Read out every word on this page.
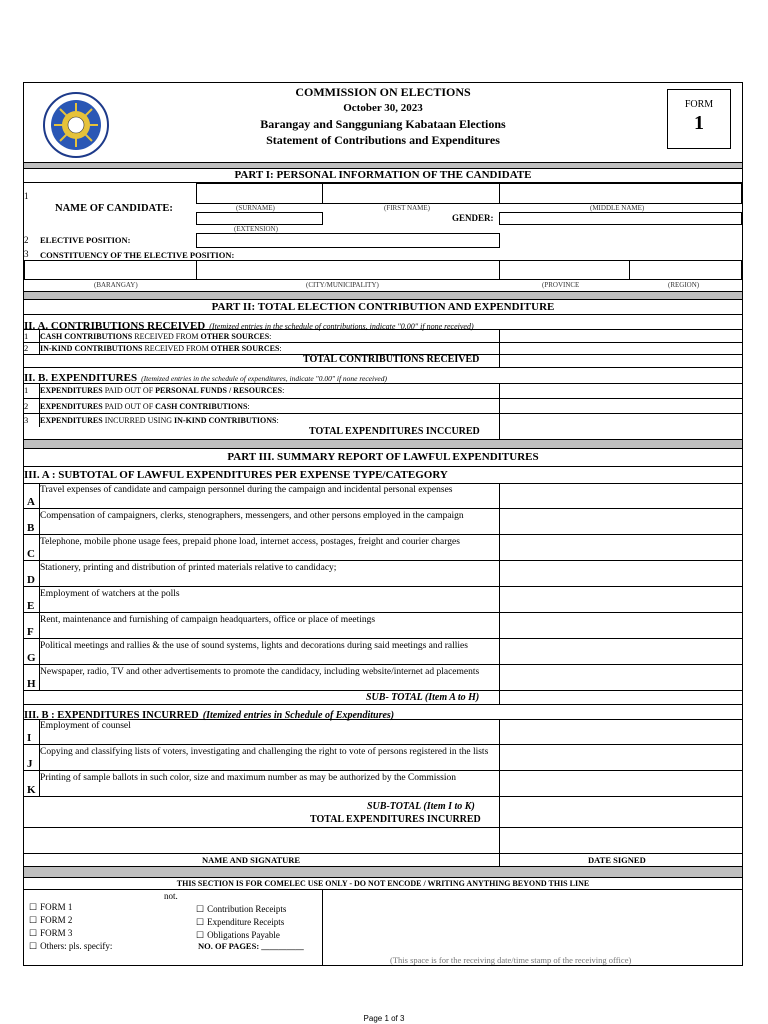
COMMISSION ON ELECTIONS
October 30, 2023
Barangay and Sangguniang Kabataan Elections
Statement of Contributions and Expenditures
FORM
1
PART I: PERSONAL INFORMATION OF THE CANDIDATE
1
NAME OF CANDIDATE:	(SURNAME)	(FIRST NAME)	(MIDDLE NAME)
(EXTENSION)
GENDER:
2 ELECTIVE POSITION:
3 CONSTITUENCY OF THE ELECTIVE POSITION:
(BARANGAY)	(CITY/MUNICIPALITY)	(PROVINCE	(REGION)
PART II: TOTAL ELECTION CONTRIBUTION AND EXPENDITURE
II. A. CONTRIBUTIONS RECEIVED (Itemized entries in the schedule of contributions, indicate "0.00" if none received)
1 CASH CONTRIBUTIONS RECEIVED FROM OTHER SOURCES:
2 IN-KIND CONTRIBUTIONS RECEIVED FROM OTHER SOURCES:
TOTAL CONTRIBUTIONS RECEIVED
II. B. EXPENDITURES (Itemized entries in the schedule of expenditures, indicate "0.00" if none received)
1 EXPENDITURES PAID OUT OF PERSONAL FUNDS / RESOURCES:
2 EXPENDITURES PAID OUT OF CASH CONTRIBUTIONS:
3 EXPENDITURES INCURRED USING IN-KIND CONTRIBUTIONS:
TOTAL EXPENDITURES INCCURED
PART III. SUMMARY REPORT OF LAWFUL EXPENDITURES
III. A : SUBTOTAL OF LAWFUL EXPENDITURES PER EXPENSE TYPE/CATEGORY
A
Travel expenses of candidate and campaign personnel during the campaign and incidental personal expenses
B
Compensation of campaigners, clerks, stenographers, messengers, and other persons employed in the campaign
C
Telephone, mobile phone usage fees, prepaid phone load, internet access, postages, freight and courier charges
D
Stationery, printing and distribution of printed materials relative to candidacy;
E
Employment of watchers at the polls
F
Rent, maintenance and furnishing of campaign headquarters, office or place of meetings
G
Political meetings and rallies & the use of sound systems, lights and decorations during said meetings and rallies
H
Newspaper, radio, TV and other advertisements to promote the candidacy, including website/internet ad placements
SUB- TOTAL (Item A to H)
III. B : EXPENDITURES INCURRED (Itemized entries in Schedule of Expenditures)
I
Employment of counsel
J
Copying and classifying lists of voters, investigating and challenging the right to vote of persons registered in the lists
K
Printing of sample ballots in such color, size and maximum number as may be authorized by the Commission
SUB-TOTAL (Item I to K)
TOTAL EXPENDITURES INCURRED
NAME AND SIGNATURE	DATE SIGNED
THIS SECTION IS FOR COMELEC USE ONLY - DO NOT ENCODE / WRITING ANYTHING BEYOND THIS LINE
not.
☐ FORM 1
☐ FORM 2
☐ FORM 3
☐ Others: pls. specify:
☐ Contribution Receipts
☐ Expenditure Receipts
☐ Obligations Payable
NO. OF PAGES: __________
(This space is for the receiving date/time stamp of the receiving office)
Page 1 of 3
